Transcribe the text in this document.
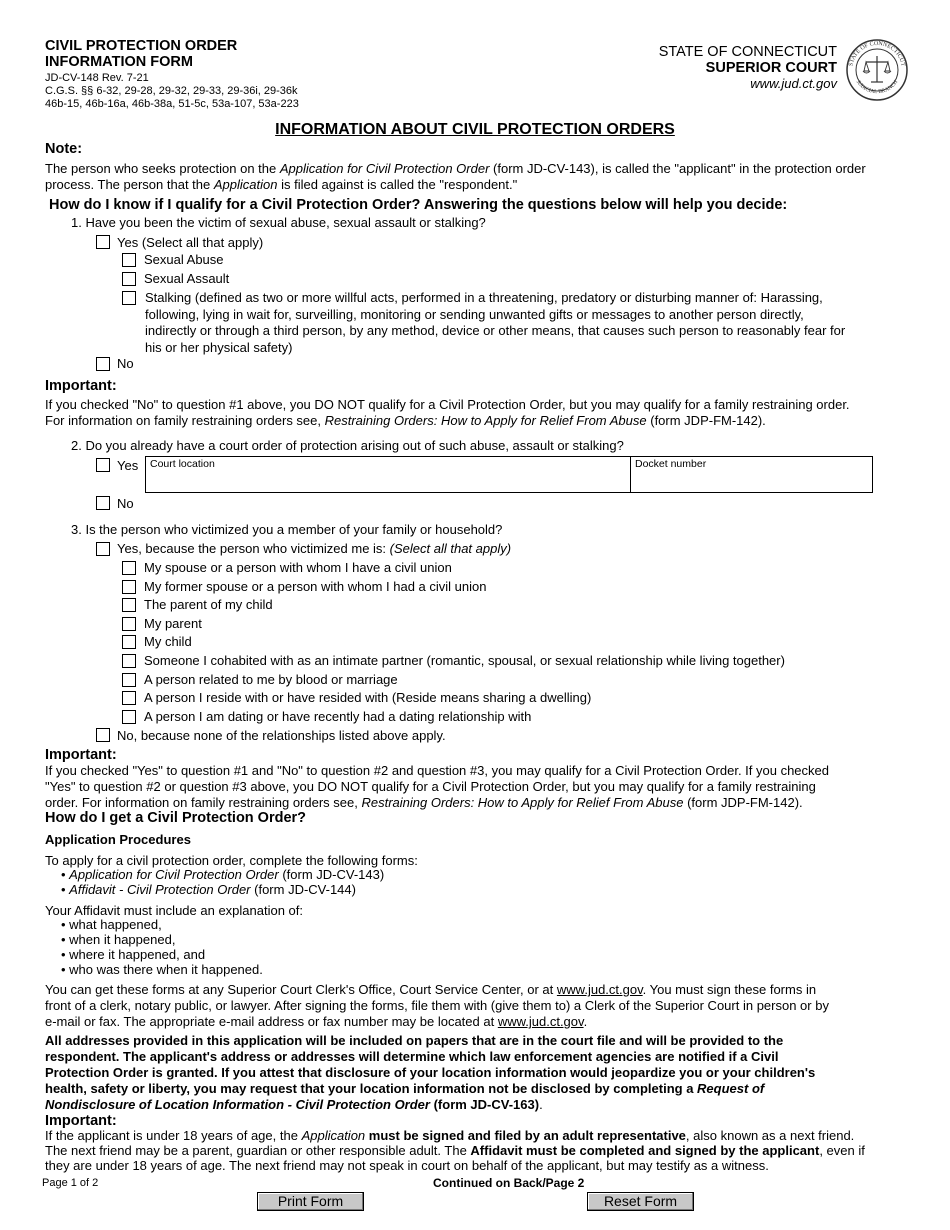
CIVIL PROTECTION ORDER
INFORMATION FORM
JD-CV-148 Rev. 7-21
C.G.S. §§ 6-32, 29-28, 29-32, 29-33, 29-36i, 29-36k
46b-15, 46b-16a, 46b-38a, 51-5c, 53a-107, 53a-223
STATE OF CONNECTICUT
SUPERIOR COURT
www.jud.ct.gov
STATE OF CONNECTICUT
JUDICIAL BRANCH
INFORMATION ABOUT CIVIL PROTECTION ORDERS
Note:
The person who seeks protection on the Application for Civil Protection Order (form JD-CV-143), is called the "applicant" in the protection order process. The person that the Application is filed against is called the "respondent."
How do I know if I qualify for a Civil Protection Order? Answering the questions below will help you decide:
1. Have you been the victim of sexual abuse, sexual assault or stalking?
Yes (Select all that apply)
Sexual Abuse
Sexual Assault
Stalking (defined as two or more willful acts, performed in a threatening, predatory or disturbing manner of: Harassing,
following, lying in wait for, surveilling, monitoring or sending unwanted gifts or messages to another person directly,
indirectly or through a third person, by any method, device or other means, that causes such person to reasonably fear for
his or her physical safety)
No
Important:
If you checked "No" to question #1 above, you DO NOT qualify for a Civil Protection Order, but you may qualify for a family restraining order.
For information on family restraining orders see, Restraining Orders: How to Apply for Relief From Abuse (form JDP-FM-142).
2. Do you already have a court order of protection arising out of such abuse, assault or stalking?
Yes Court location	Docket number
No
3. Is the person who victimized you a member of your family or household?
Yes, because the person who victimized me is: (Select all that apply)
My spouse or a person with whom I have a civil union
My former spouse or a person with whom I had a civil union
The parent of my child
My parent
My child
Someone I cohabited with as an intimate partner (romantic, spousal, or sexual relationship while living together)
A person related to me by blood or marriage
A person I reside with or have resided with (Reside means sharing a dwelling)
A person I am dating or have recently had a dating relationship with
No, because none of the relationships listed above apply.
Important:
If you checked "Yes" to question #1 and "No" to question #2 and question #3, you may qualify for a Civil Protection Order. If you checked
"Yes" to question #2 or question #3 above, you DO NOT qualify for a Civil Protection Order, but you may qualify for a family restraining
order. For information on family restraining orders see, Restraining Orders: How to Apply for Relief From Abuse (form JDP-FM-142).
How do I get a Civil Protection Order?
Application Procedures
To apply for a civil protection order, complete the following forms:
• Application for Civil Protection Order (form JD-CV-143)
• Affidavit - Civil Protection Order (form JD-CV-144)
Your Affidavit must include an explanation of:
• what happened,
• when it happened,
• where it happened, and
• who was there when it happened.
You can get these forms at any Superior Court Clerk's Office, Court Service Center, or at www.jud.ct.gov. You must sign these forms in
front of a clerk, notary public, or lawyer. After signing the forms, file them with (give them to) a Clerk of the Superior Court in person or by
e-mail or fax. The appropriate e-mail address or fax number may be located at www.jud.ct.gov.
All addresses provided in this application will be included on papers that are in the court file and will be provided to the
respondent. The applicant's address or addresses will determine which law enforcement agencies are notified if a Civil
Protection Order is granted. If you attest that disclosure of your location information would jeopardize you or your children's
health, safety or liberty, you may request that your location information not be disclosed by completing a Request of
Nondisclosure of Location Information - Civil Protection Order (form JD-CV-163).
Important:
If the applicant is under 18 years of age, the Application must be signed and filed by an adult representative, also known as a next friend.
The next friend may be a parent, guardian or other responsible adult. The Affidavit must be completed and signed by the applicant, even if
they are under 18 years of age. The next friend may not speak in court on behalf of the applicant, but may testify as a witness.
Page 1 of 2	Continued on Back/Page 2
Print Form	Reset Form
